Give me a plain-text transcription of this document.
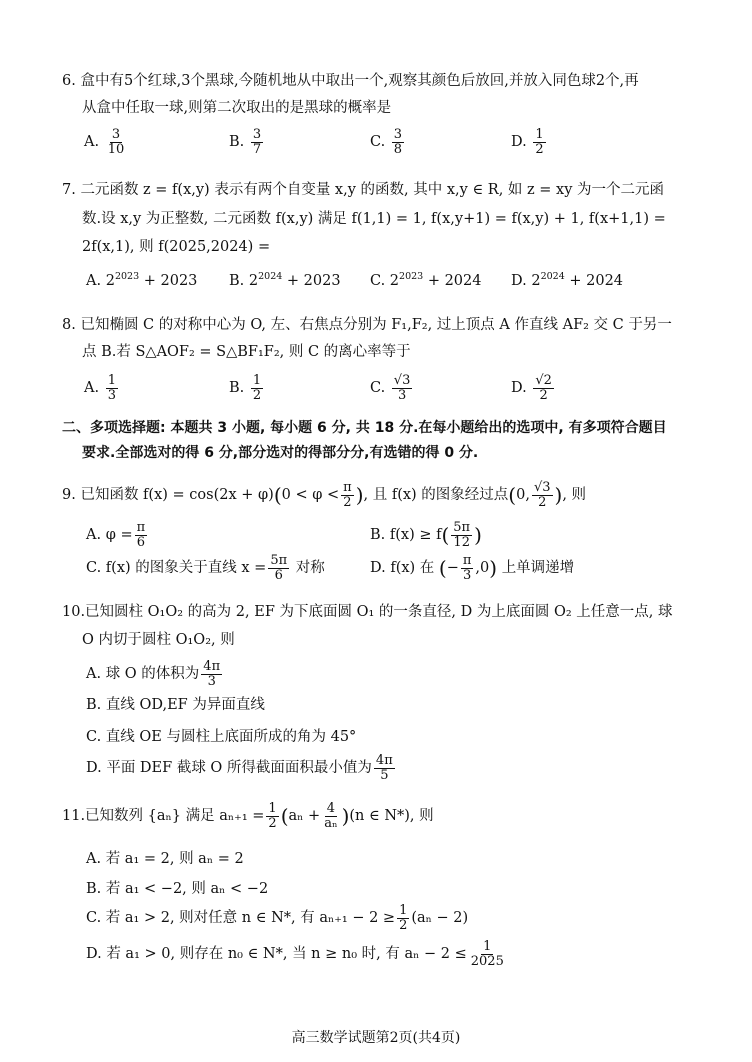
6. 盒中有5个红球,3个黑球,今随机地从中取出一个,观察其颜色后放回,并放入同色球2个,再
从盒中任取一球,则第二次取出的是黑球的概率是
A. $\frac{3}{10}$	B. $\frac{3}{7}$	C. $\frac{3}{8}$	D. $\frac{1}{2}$
7. 二元函数 z = f(x,y) 表示有两个自变量 x,y 的函数, 其中 x,y ∈ R, 如 z = xy 为一个二元函
数.设 x,y 为正整数, 二元函数 f(x,y) 满足 f(1,1) = 1, f(x,y+1) = f(x,y) + 1, f(x+1,1) =
2f(x,1), 则 f(2025,2024) =
A. $2^{2023} + 2023$ B. $2^{2024} + 2023$ C. $2^{2023} + 2024$ D. $2^{2024} + 2024$
8. 已知椭圆 C 的对称中心为 O, 左、右焦点分别为 F₁,F₂, 过上顶点 A 作直线 AF₂ 交 C 于另一
点 B.若 S△AOF₂ = S△BF₁F₂, 则 C 的离心率等于
A. $\frac{1}{3}$	B. $\frac{1}{2}$	C. $\frac{√3}{3}$	D. $\frac{√2}{2}$
二、多项选择题: 本题共 3 小题, 每小题 6 分, 共 18 分.在每小题给出的选项中, 有多项符合题目
要求.全部选对的得 6 分,部分选对的得部分分,有选错的得 0 分.
9. 已知函数 $f(x) = \cos(2x + \varphi)(0 < \varphi < \frac{\pi}{2}$ ), 且 f(x) 的图象经过点(0, $\frac{√3}{2}$ ), 则
A. $\varphi = \frac{\pi}{6}$	B. $f(x) \ge f( \frac{5\pi}{12}$ )
C. f(x) 的图象关于直线 $x = \frac{5\pi}{6}$ 对称	D. f(x) 在 (− $\frac{\pi}{3} ,0$) 上单调递增
10.已知圆柱 O₁O₂ 的高为 2, EF 为下底面圆 O₁ 的一条直径, D 为上底面圆 O₂ 上任意一点, 球
O 内切于圆柱 O₁O₂, 则
A. 球 O 的体积为 $\frac{4\pi}{3}$
B. 直线 OD,EF 为异面直线
C. 直线 OE 与圆柱上底面所成的角为 45°
D. 平面 DEF 截球 O 所得截面面积最小值为 $\frac{4\pi}{5}$
11.已知数列 {aₙ} 满足 $a_{n+1} = \frac{1}{2} (a_n + \frac{4}{\text{aₙ}} )(n$ ∈ N*), 则
A. 若 a₁ = 2, 则 aₙ = 2
B. 若 a₁ < −2, 则 aₙ < −2
C. 若 a₁ > 2, 则对任意 n ∈ N*, 有 $a_{n+1} - 2 \ge \frac{1}{2} (a_n - 2)$
D. 若 a₁ > 0, 则存在 n₀ ∈ N*, 当 n ≥ n₀ 时, 有 $a_n - 2 \le \frac{1}{2025}$
高三数学试题第2页(共4页)
